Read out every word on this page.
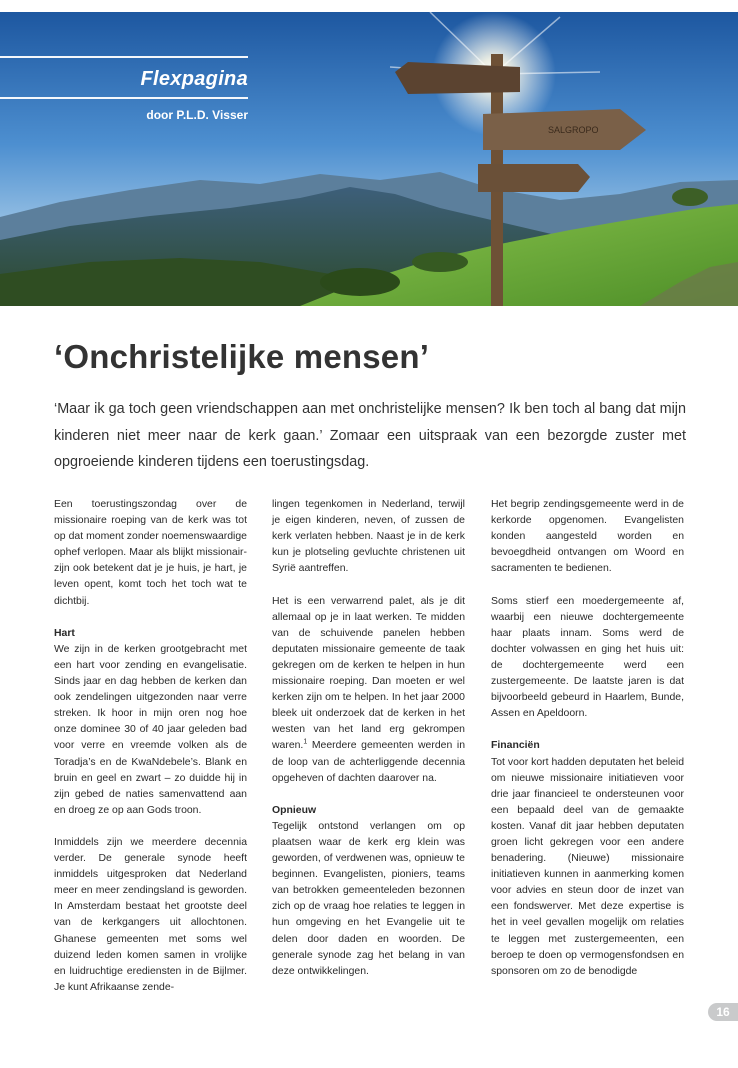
SALGROPO
Flexpagina
door P.L.D. Visser
‘Onchristelijke mensen’

‘Maar ik ga toch geen vriendschappen aan met onchristelijke mensen? Ik ben toch al bang dat mijn kinderen niet meer naar de kerk gaan.’ Zomaar een uitspraak van een bezorgde zuster met opgroeiende kinderen tijdens een toerustingsdag.

Een toerustingszondag over de missionaire roeping van de kerk was tot op dat moment zonder noemenswaardige ophef verlopen. Maar als blijkt missionair-zijn ook betekent dat je je huis, je hart, je leven opent, komt toch het toch wat te dichtbij.

Hart

We zijn in de kerken grootgebracht met een hart voor zending en evangelisatie. Sinds jaar en dag hebben de kerken dan ook zendelingen uitgezonden naar verre streken. Ik hoor in mijn oren nog hoe onze dominee 30 of 40 jaar geleden bad voor verre en vreemde volken als de Toradja’s en de KwaNdebele’s. Blank en bruin en geel en zwart – zo duidde hij in zijn gebed de naties samenvattend aan en droeg ze op aan Gods troon.

Inmiddels zijn we meerdere decennia verder. De generale synode heeft inmiddels uitgesproken dat Nederland meer en meer zendingsland is geworden. In Amsterdam bestaat het grootste deel van de kerkgangers uit allochtonen. Ghanese gemeenten met soms wel duizend leden komen samen in vrolijke en luidruchtige erediensten in de Bijlmer. Je kunt Afrikaanse zende-

lingen tegenkomen in Nederland, terwijl je eigen kinderen, neven, of zussen de kerk verlaten hebben. Naast je in de kerk kun je plotseling gevluchte christenen uit Syrië aantreffen.

Het is een verwarrend palet, als je dit allemaal op je in laat werken. Te midden van de schuivende panelen hebben deputaten missionaire gemeente de taak gekregen om de kerken te helpen in hun missionaire roeping. Dan moeten er wel kerken zijn om te helpen. In het jaar 2000 bleek uit onderzoek dat de kerken in het westen van het land erg gekrompen waren.$^1$ Meerdere gemeenten werden in de loop van de achterliggende decennia opgeheven of dachten daarover na.

Opnieuw

Tegelijk ontstond verlangen om op plaatsen waar de kerk erg klein was geworden, of verdwenen was, opnieuw te beginnen. Evangelisten, pioniers, teams van betrokken gemeenteleden bezonnen zich op de vraag hoe relaties te leggen in hun omgeving en het Evangelie uit te delen door daden en woorden. De generale synode zag het belang in van deze ontwikkelingen.

Het begrip zendingsgemeente werd in de kerkorde opgenomen. Evangelisten konden aangesteld worden en bevoegdheid ontvangen om Woord en sacramenten te bedienen.

Soms stierf een moedergemeente af, waarbij een nieuwe dochtergemeente haar plaats innam. Soms werd de dochter volwassen en ging het huis uit: de dochtergemeente werd een zustergemeente. De laatste jaren is dat bijvoorbeeld gebeurd in Haarlem, Bunde, Assen en Apeldoorn.

Financiën

Tot voor kort hadden deputaten het beleid om nieuwe missionaire initiatieven voor drie jaar financieel te ondersteunen voor een bepaald deel van de gemaakte kosten. Vanaf dit jaar hebben deputaten groen licht gekregen voor een andere benadering. (Nieuwe) missionaire initiatieven kunnen in aanmerking komen voor advies en steun door de inzet van een fondswerver. Met deze expertise is het in veel gevallen mogelijk om relaties te leggen met zustergemeenten, een beroep te doen op vermogensfondsen en sponsoren om zo de benodigde

16
